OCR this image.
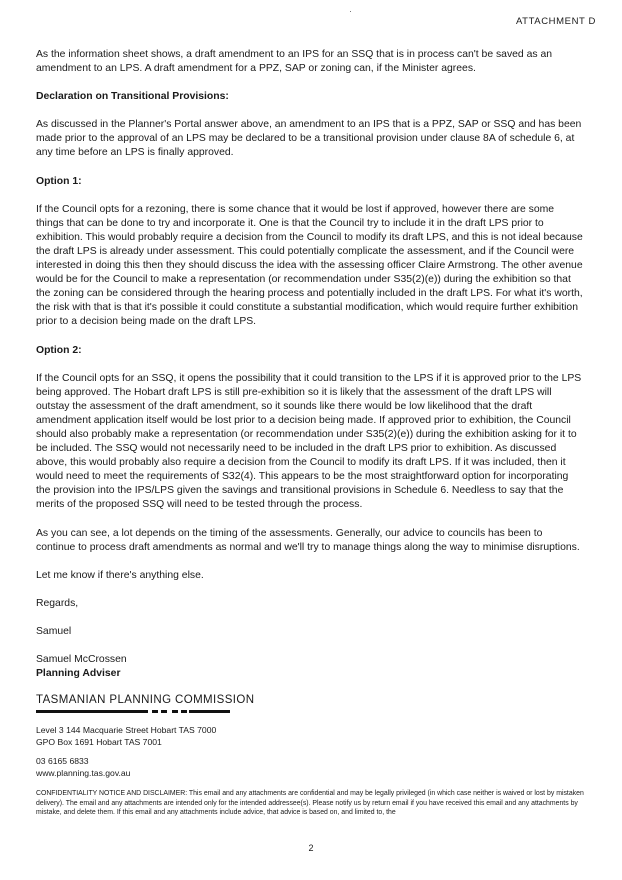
ATTACHMENT D

As the information sheet shows, a draft amendment to an IPS for an SSQ that is in process can't be saved as an amendment to an LPS. A draft amendment for a PPZ, SAP or zoning can, if the Minister agrees.

Declaration on Transitional Provisions:

As discussed in the Planner's Portal answer above, an amendment to an IPS that is a PPZ, SAP or SSQ and has been made prior to the approval of an LPS may be declared to be a transitional provision under clause 8A of schedule 6, at any time before an LPS is finally approved.

Option 1:

If the Council opts for a rezoning, there is some chance that it would be lost if approved, however there are some things that can be done to try and incorporate it. One is that the Council try to include it in the draft LPS prior to exhibition. This would probably require a decision from the Council to modify its draft LPS, and this is not ideal because the draft LPS is already under assessment. This could potentially complicate the assessment, and if the Council were interested in doing this then they should discuss the idea with the assessing officer Claire Armstrong. The other avenue would be for the Council to make a representation (or recommendation under S35(2)(e)) during the exhibition so that the zoning can be considered through the hearing process and potentially included in the draft LPS. For what it's worth, the risk with that is that it's possible it could constitute a substantial modification, which would require further exhibition prior to a decision being made on the draft LPS.

Option 2:

If the Council opts for an SSQ, it opens the possibility that it could transition to the LPS if it is approved prior to the LPS being approved. The Hobart draft LPS is still pre-exhibition so it is likely that the assessment of the draft LPS will outstay the assessment of the draft amendment, so it sounds like there would be low likelihood that the draft amendment application itself would be lost prior to a decision being made. If approved prior to exhibition, the Council should also probably make a representation (or recommendation under S35(2)(e)) during the exhibition asking for it to be included. The SSQ would not necessarily need to be included in the draft LPS prior to exhibition. As discussed above, this would probably also require a decision from the Council to modify its draft LPS. If it was included, then it would need to meet the requirements of S32(4). This appears to be the most straightforward option for incorporating the provision into the IPS/LPS given the savings and transitional provisions in Schedule 6. Needless to say that the merits of the proposed SSQ will need to be tested through the process.

As you can see, a lot depends on the timing of the assessments. Generally, our advice to councils has been to continue to process draft amendments as normal and we'll try to manage things along the way to minimise disruptions.

Let me know if there's anything else.

Regards,

Samuel

Samuel McCrossen

Planning Adviser

TASMANIAN PLANNING COMMISSION
Level 3 144 Macquarie Street Hobart TAS 7000
GPO Box 1691 Hobart TAS 7001
03 6165 6833
www.planning.tas.gov.au
CONFIDENTIALITY NOTICE AND DISCLAIMER: This email and any attachments are confidential and may be legally privileged (in which case neither is waived or lost by mistaken delivery). The email and any attachments are intended only for the intended addressee(s). Please notify us by return email if you have received this email and any attachments by mistake, and delete them. If this email and any attachments include advice, that advice is based on, and limited to, the
2
